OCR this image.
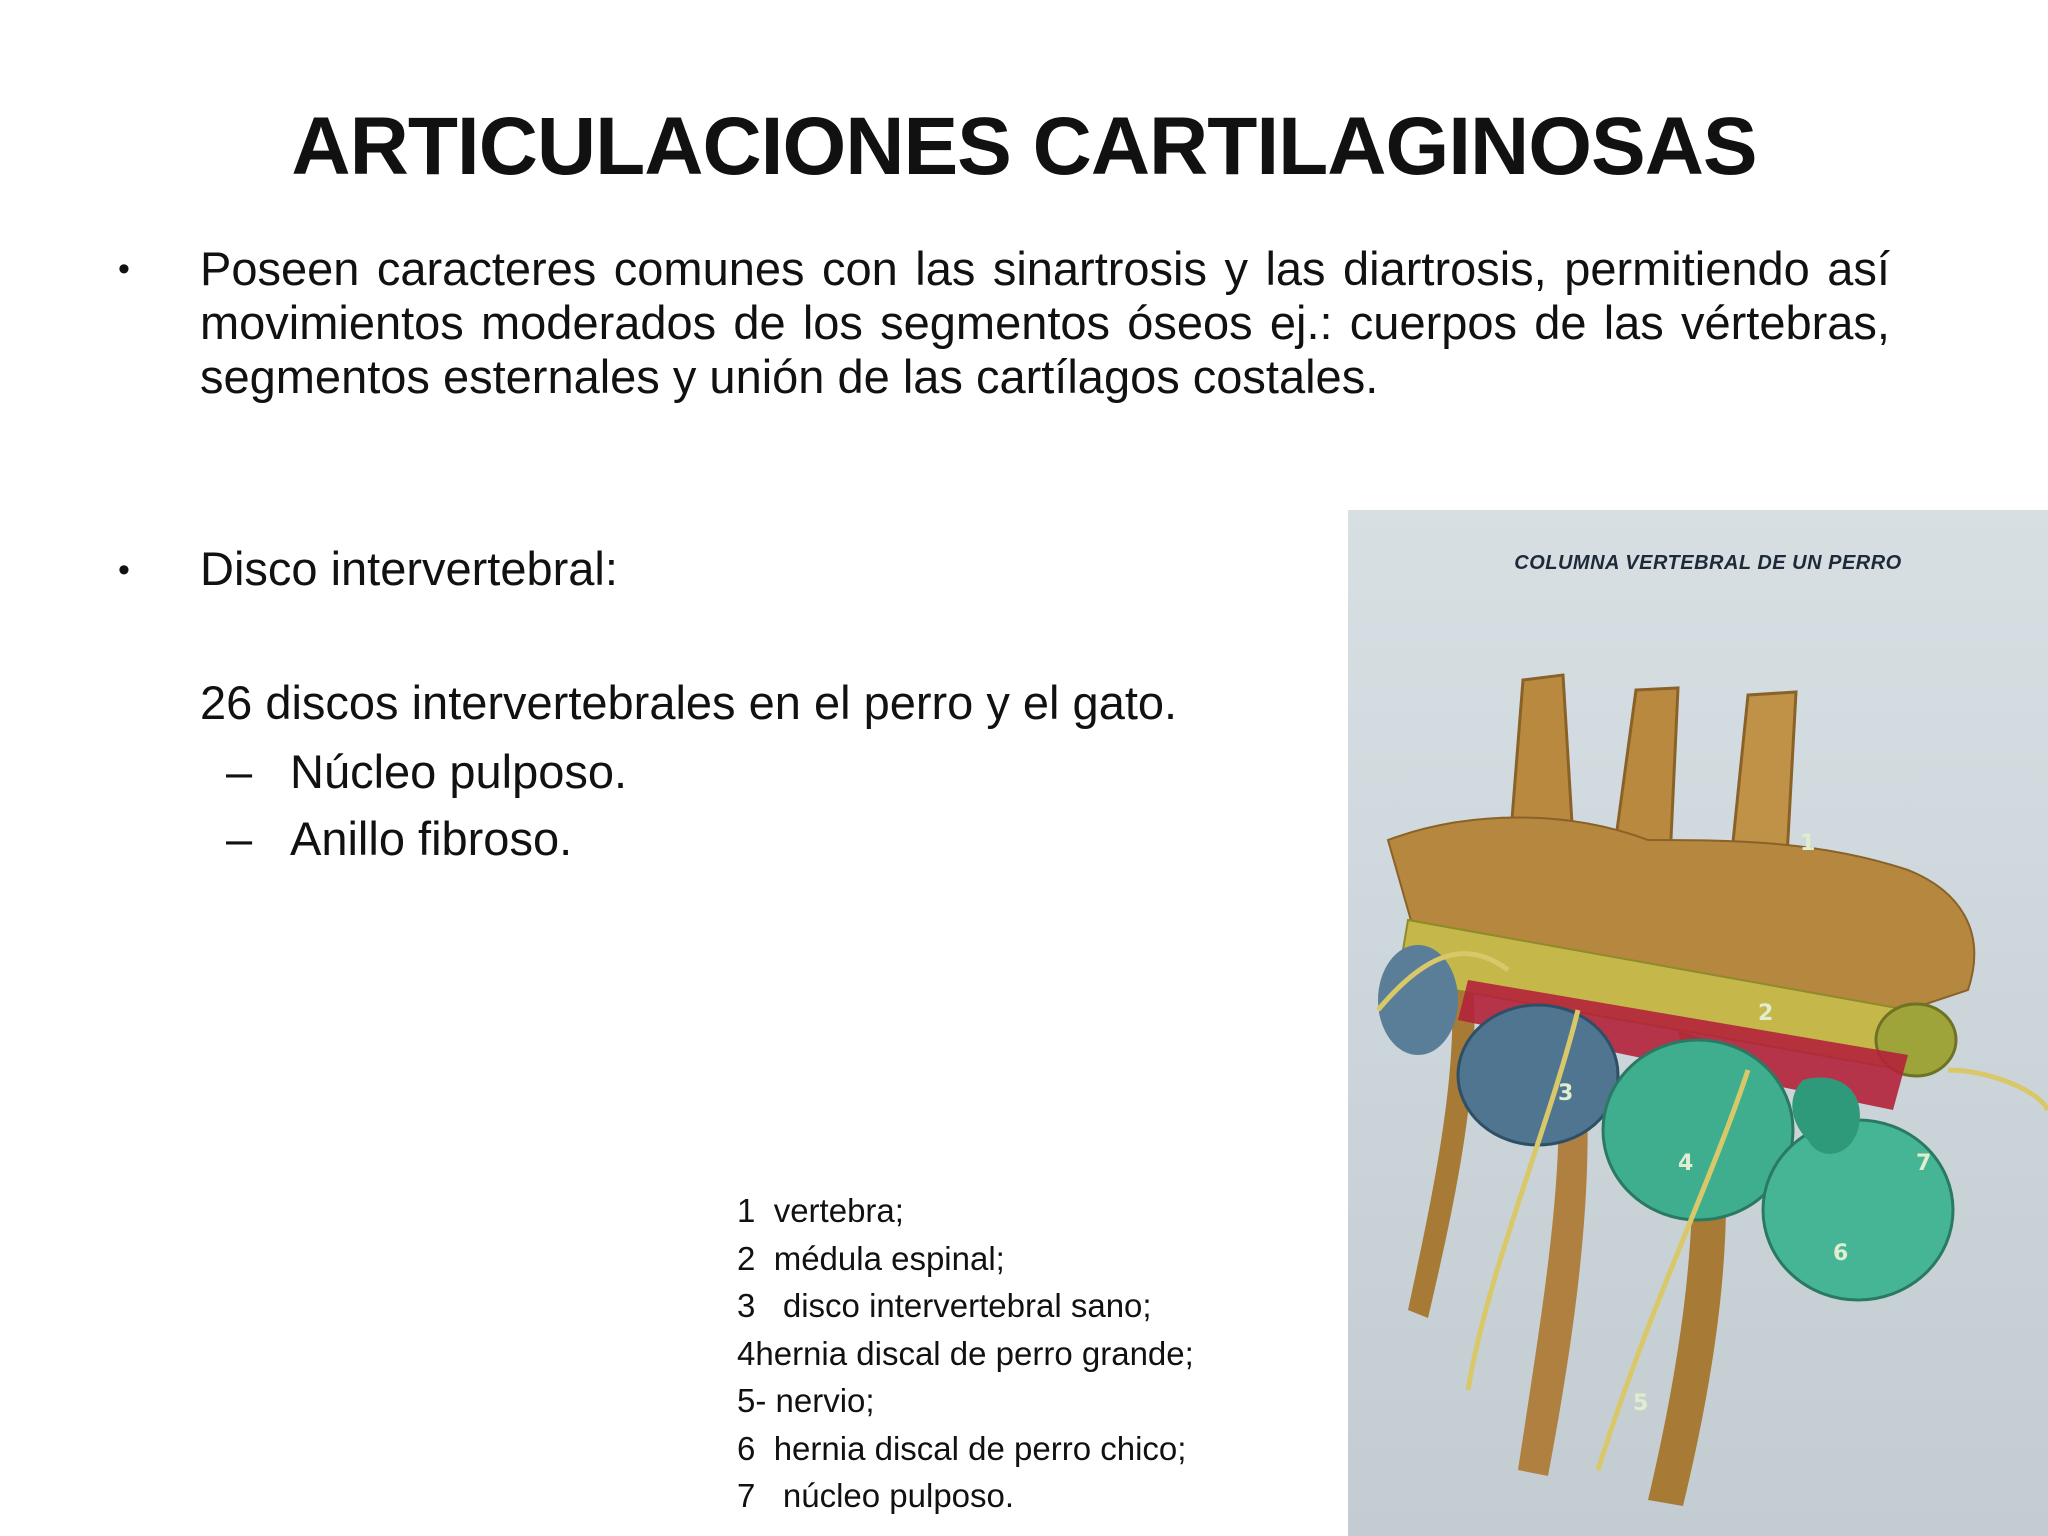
ARTICULACIONES CARTILAGINOSAS
• Poseen caracteres comunes con las sinartrosis y las diartrosis, permitiendo así movimientos moderados de los segmentos óseos ej.: cuerpos de las vértebras, segmentos esternales y unión de las cartílagos costales.
• Disco intervertebral:
26 discos intervertebrales en el perro y el gato.
– Núcleo pulposo.
– Anillo fibroso.
1 vertebra;
2 médula espinal;
3 disco intervertebral sano;
4hernia discal de perro grande;
5- nervio;
6 hernia discal de perro chico;
7 núcleo pulposo.
COLUMNA VERTEBRAL DE UN PERRO
1
2
3
4
5
6
7
